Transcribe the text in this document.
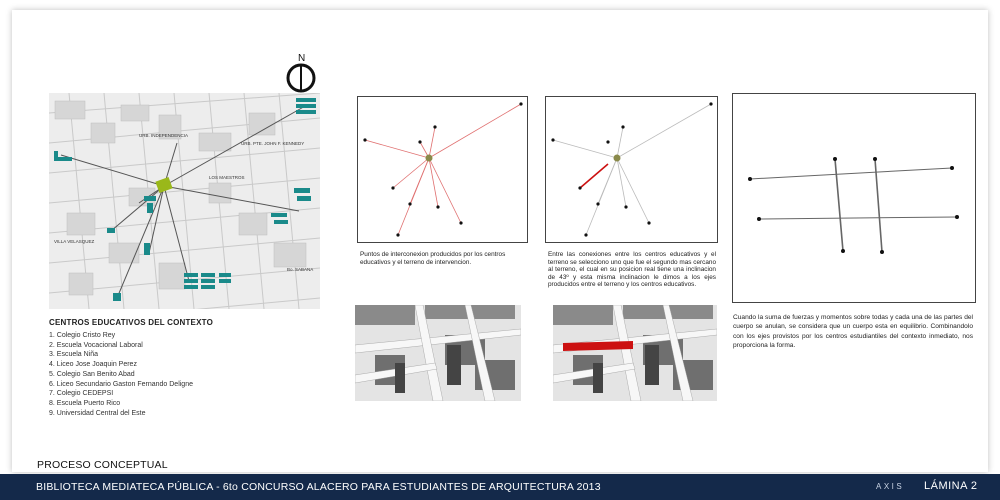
N
URB. INDEPENDENCIA
URB. PTE. JOHN F. KENNEDY
LOS MAESTROS
VILLA VELASQUEZ
Bo. SABANA
CENTROS EDUCATIVOS DEL CONTEXTO
1. Colegio Cristo Rey
2. Escuela Vocacional Laboral
3. Escuela Niña
4. Liceo Jose Joaquin Perez
5. Colegio San Benito Abad
6. Liceo Secundario Gaston Fernando Deligne
7. Colegio CEDEPSI
8. Escuela Puerto Rico
9. Universidad Central del Este
Puntos de interconexion producidos por los centros educativos y el terreno de intervencion.
Entre las conexiones entre los centros educativos y el terreno se selecciono uno que fue el segundo mas cercano al terreno, el cual en su posicion real tiene una inclinacion de 43º y esta misma inclinacion le dimos a los ejes producidos entre el terreno y los centros educativos.
Cuando la suma de fuerzas y momentos sobre todas y cada una de las partes del cuerpo se anulan, se considera que un cuerpo esta en equilibrio. Combinandolo con los ejes provistos por los centros estudiantiles del contexto inmediato, nos proporciona la forma.
PROCESO CONCEPTUAL
BIBLIOTECA MEDIATECA PÚBLICA - 6to CONCURSO ALACERO PARA ESTUDIANTES DE ARQUITECTURA 2013	AXIS LÁMINA 2
